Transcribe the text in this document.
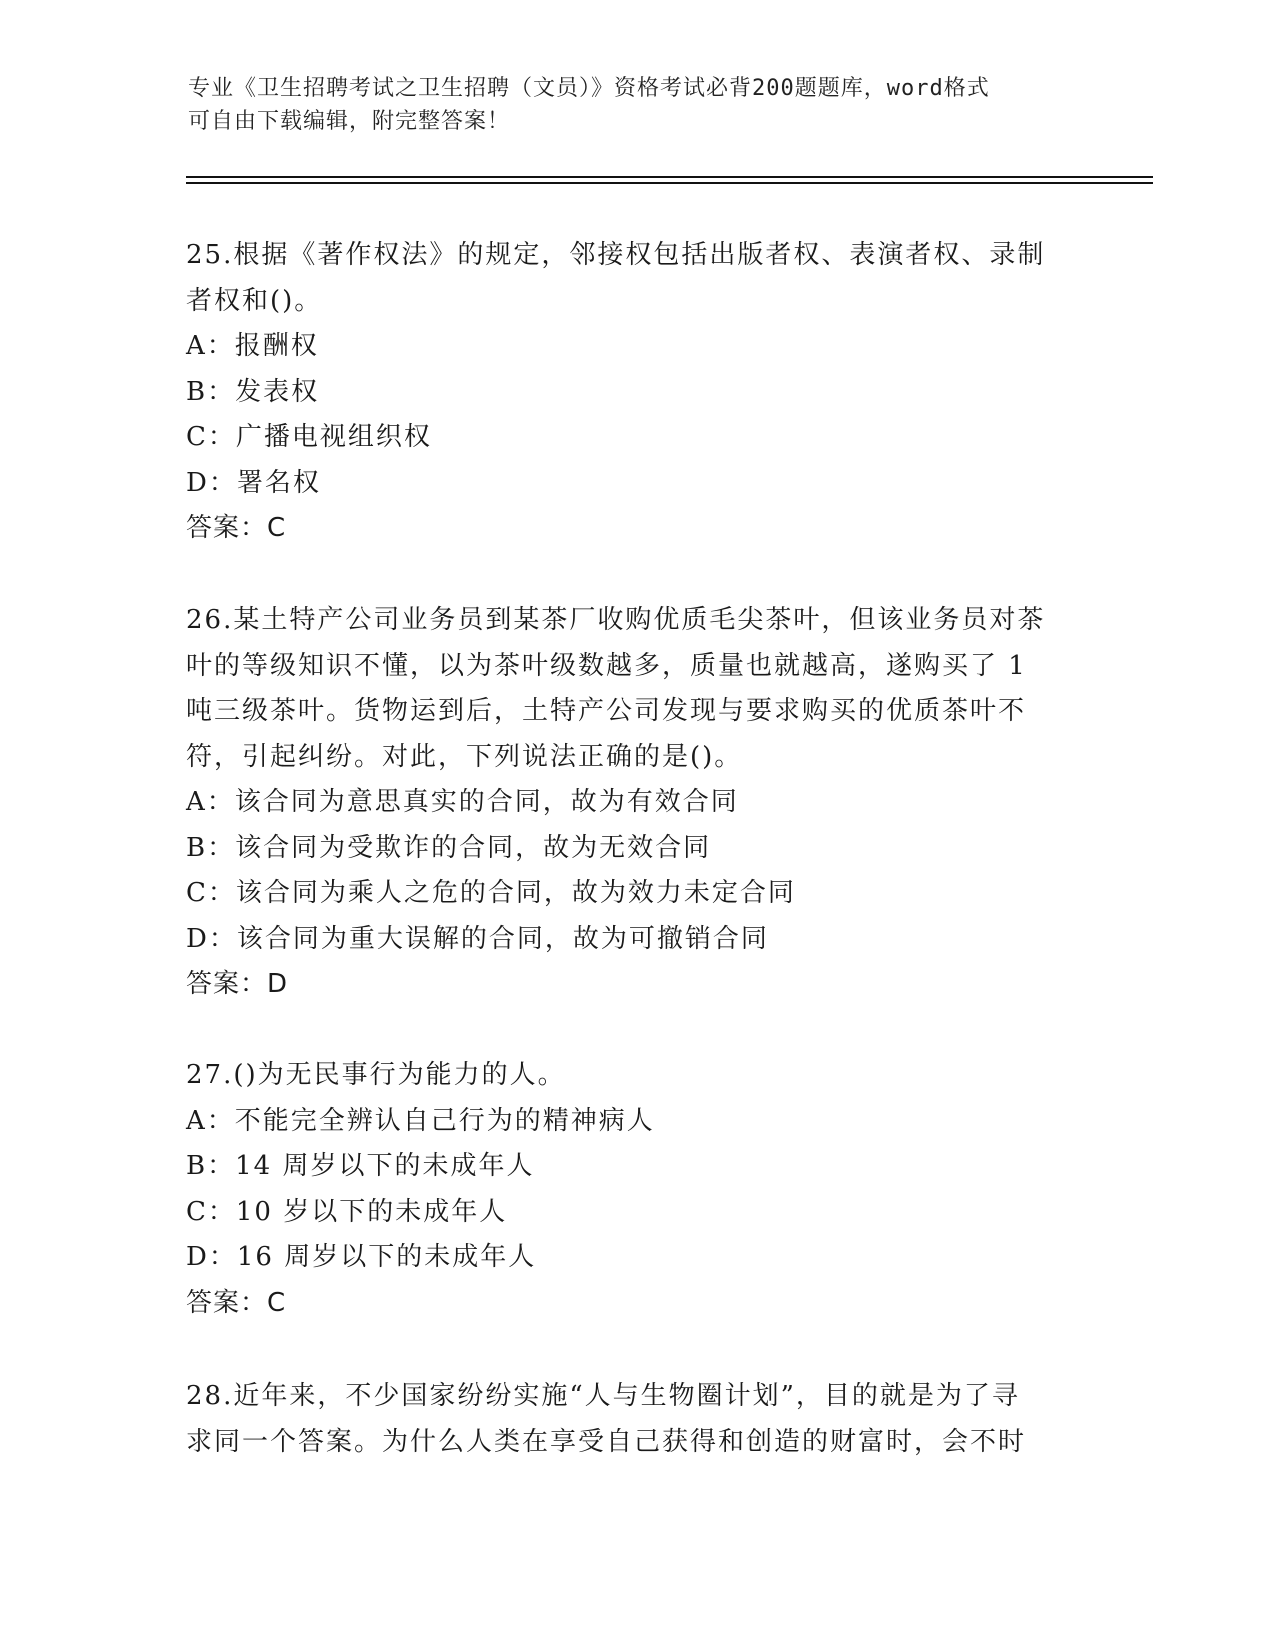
专业《卫生招聘考试之卫生招聘（文员）》资格考试必背200题题库，word格式
可自由下载编辑，附完整答案！
25.根据《著作权法》的规定，邻接权包括出版者权、表演者权、录制
者权和()。
A：报酬权
B：发表权
C：广播电视组织权
D：署名权
答案：C
26.某土特产公司业务员到某茶厂收购优质毛尖茶叶，但该业务员对茶
叶的等级知识不懂，以为茶叶级数越多，质量也就越高，遂购买了 1
吨三级茶叶。货物运到后，土特产公司发现与要求购买的优质茶叶不
符，引起纠纷。对此，下列说法正确的是()。
A：该合同为意思真实的合同，故为有效合同
B：该合同为受欺诈的合同，故为无效合同
C：该合同为乘人之危的合同，故为效力未定合同
D：该合同为重大误解的合同，故为可撤销合同
答案：D
27.()为无民事行为能力的人。
A：不能完全辨认自己行为的精神病人
B：14 周岁以下的未成年人
C：10 岁以下的未成年人
D：16 周岁以下的未成年人
答案：C
28.近年来，不少国家纷纷实施“人与生物圈计划”，目的就是为了寻
求同一个答案。为什么人类在享受自己获得和创造的财富时，会不时
